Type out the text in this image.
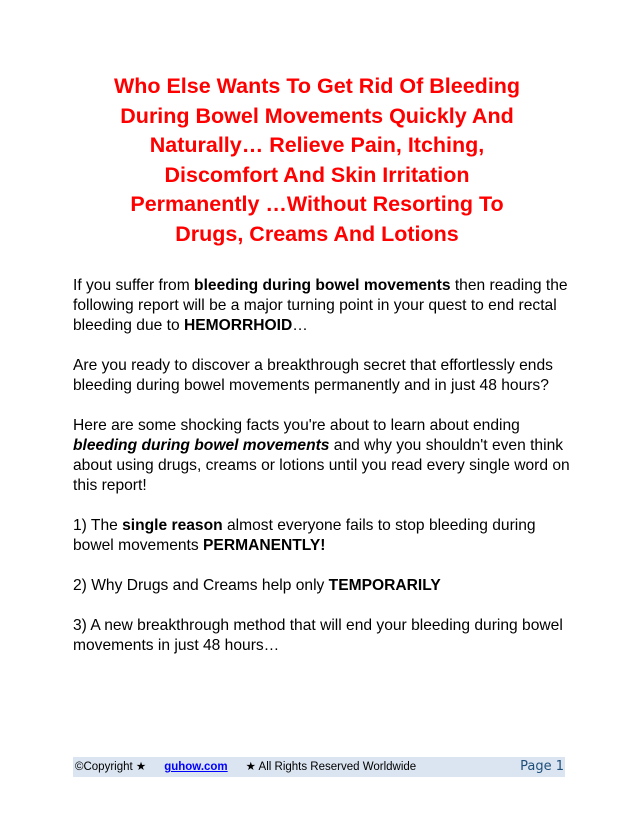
Who Else Wants To Get Rid Of Bleeding
During Bowel Movements Quickly And
Naturally… Relieve Pain, Itching,
Discomfort And Skin Irritation
Permanently …Without Resorting To
Drugs, Creams And Lotions

If you suffer from bleeding during bowel movements then reading the following report will be a major turning point in your quest to end rectal bleeding due to HEMORRHOID…

Are you ready to discover a breakthrough secret that effortlessly ends bleeding during bowel movements permanently and in just 48 hours?

Here are some shocking facts you're about to learn about ending bleeding during bowel movements and why you shouldn't even think about using drugs, creams or lotions until you read every single word on this report!

1) The single reason almost everyone fails to stop bleeding during bowel movements PERMANENTLY!

2) Why Drugs and Creams help only TEMPORARILY

3) A new breakthrough method that will end your bleeding during bowel movements in just 48 hours…

©Copyright ★ guhow.com ★ All Rights Reserved Worldwide	Page 1
